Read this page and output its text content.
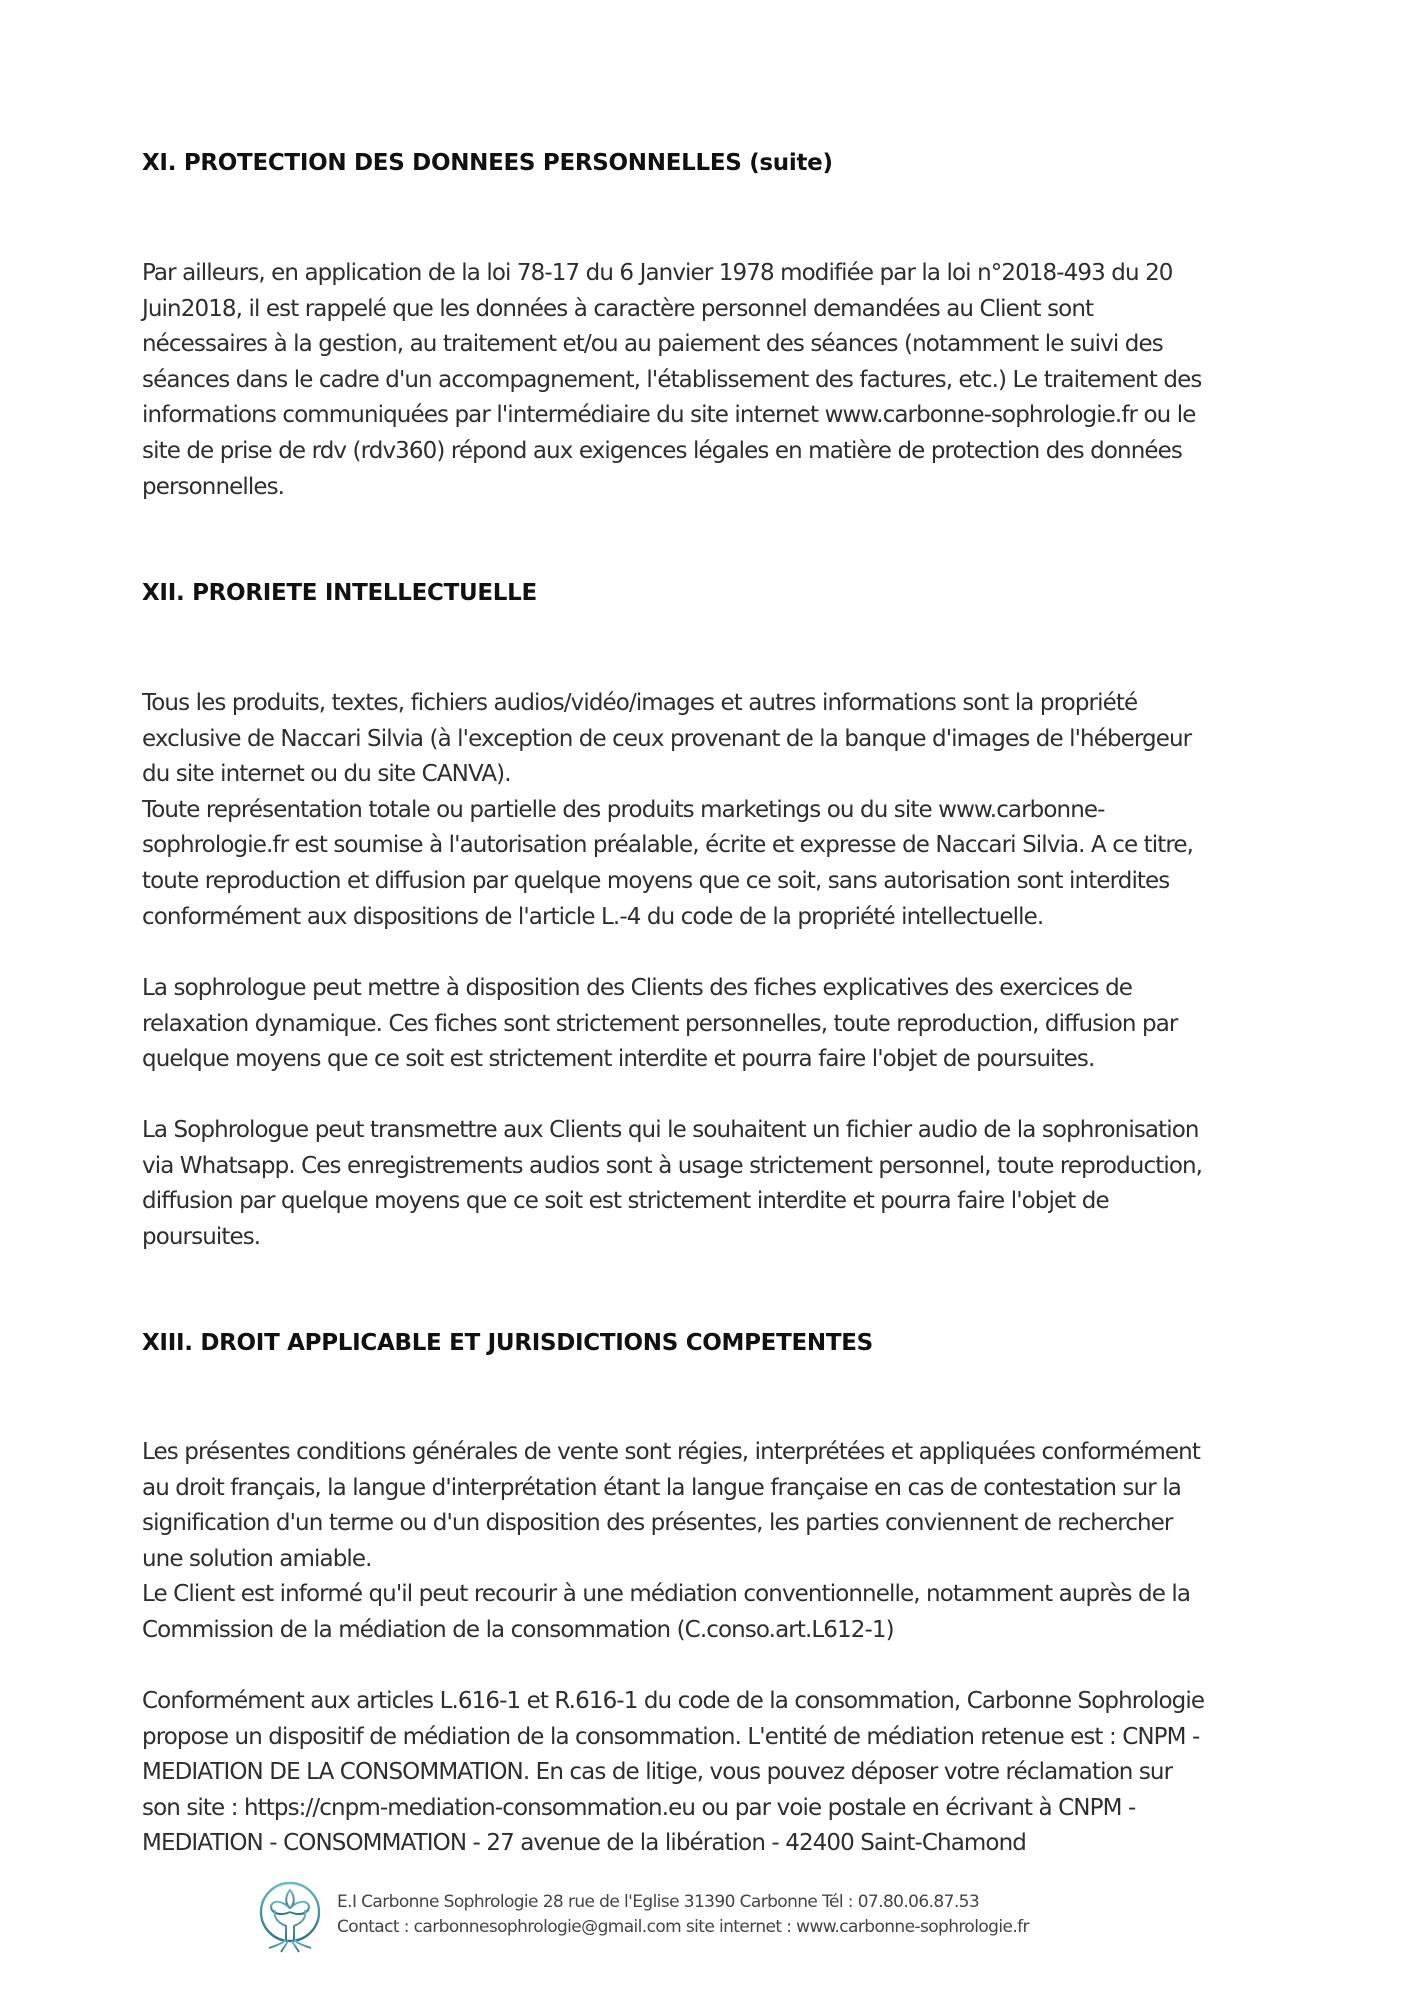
XI. PROTECTION DES DONNEES PERSONNELLES (suite)
Par ailleurs, en application de la loi 78-17 du 6 Janvier 1978 modifiée par la loi n°2018-493 du 20
Juin2018, il est rappelé que les données à caractère personnel demandées au Client sont
nécessaires à la gestion, au traitement et/ou au paiement des séances (notamment le suivi des
séances dans le cadre d'un accompagnement, l'établissement des factures, etc.) Le traitement des
informations communiquées par l'intermédiaire du site internet www.carbonne-sophrologie.fr ou le
site de prise de rdv (rdv360) répond aux exigences légales en matière de protection des données
personnelles.
XII. PRORIETE INTELLECTUELLE
Tous les produits, textes, fichiers audios/vidéo/images et autres informations sont la propriété
exclusive de Naccari Silvia (à l'exception de ceux provenant de la banque d'images de l'hébergeur
du site internet ou du site CANVA).
Toute représentation totale ou partielle des produits marketings ou du site www.carbonne-
sophrologie.fr est soumise à l'autorisation préalable, écrite et expresse de Naccari Silvia. A ce titre,
toute reproduction et diffusion par quelque moyens que ce soit, sans autorisation sont interdites
conformément aux dispositions de l'article L.-4 du code de la propriété intellectuelle.
La sophrologue peut mettre à disposition des Clients des fiches explicatives des exercices de
relaxation dynamique. Ces fiches sont strictement personnelles, toute reproduction, diffusion par
quelque moyens que ce soit est strictement interdite et pourra faire l'objet de poursuites.
La Sophrologue peut transmettre aux Clients qui le souhaitent un fichier audio de la sophronisation
via Whatsapp. Ces enregistrements audios sont à usage strictement personnel, toute reproduction,
diffusion par quelque moyens que ce soit est strictement interdite et pourra faire l'objet de
poursuites.
XIII. DROIT APPLICABLE ET JURISDICTIONS COMPETENTES
Les présentes conditions générales de vente sont régies, interprétées et appliquées conformément
au droit français, la langue d'interprétation étant la langue française en cas de contestation sur la
signification d'un terme ou d'un disposition des présentes, les parties conviennent de rechercher
une solution amiable.
Le Client est informé qu'il peut recourir à une médiation conventionnelle, notamment auprès de la
Commission de la médiation de la consommation (C.conso.art.L612-1)
Conformément aux articles L.616-1 et R.616-1 du code de la consommation, Carbonne Sophrologie
propose un dispositif de médiation de la consommation. L'entité de médiation retenue est : CNPM -
MEDIATION DE LA CONSOMMATION. En cas de litige, vous pouvez déposer votre réclamation sur
son site : https://cnpm-mediation-consommation.eu ou par voie postale en écrivant à CNPM -
MEDIATION - CONSOMMATION - 27 avenue de la libération - 42400 Saint-Chamond
E.I Carbonne Sophrologie 28 rue de l'Eglise 31390 Carbonne Tél : 07.80.06.87.53
Contact : carbonnesophrologie@gmail.com site internet : www.carbonne-sophrologie.fr
